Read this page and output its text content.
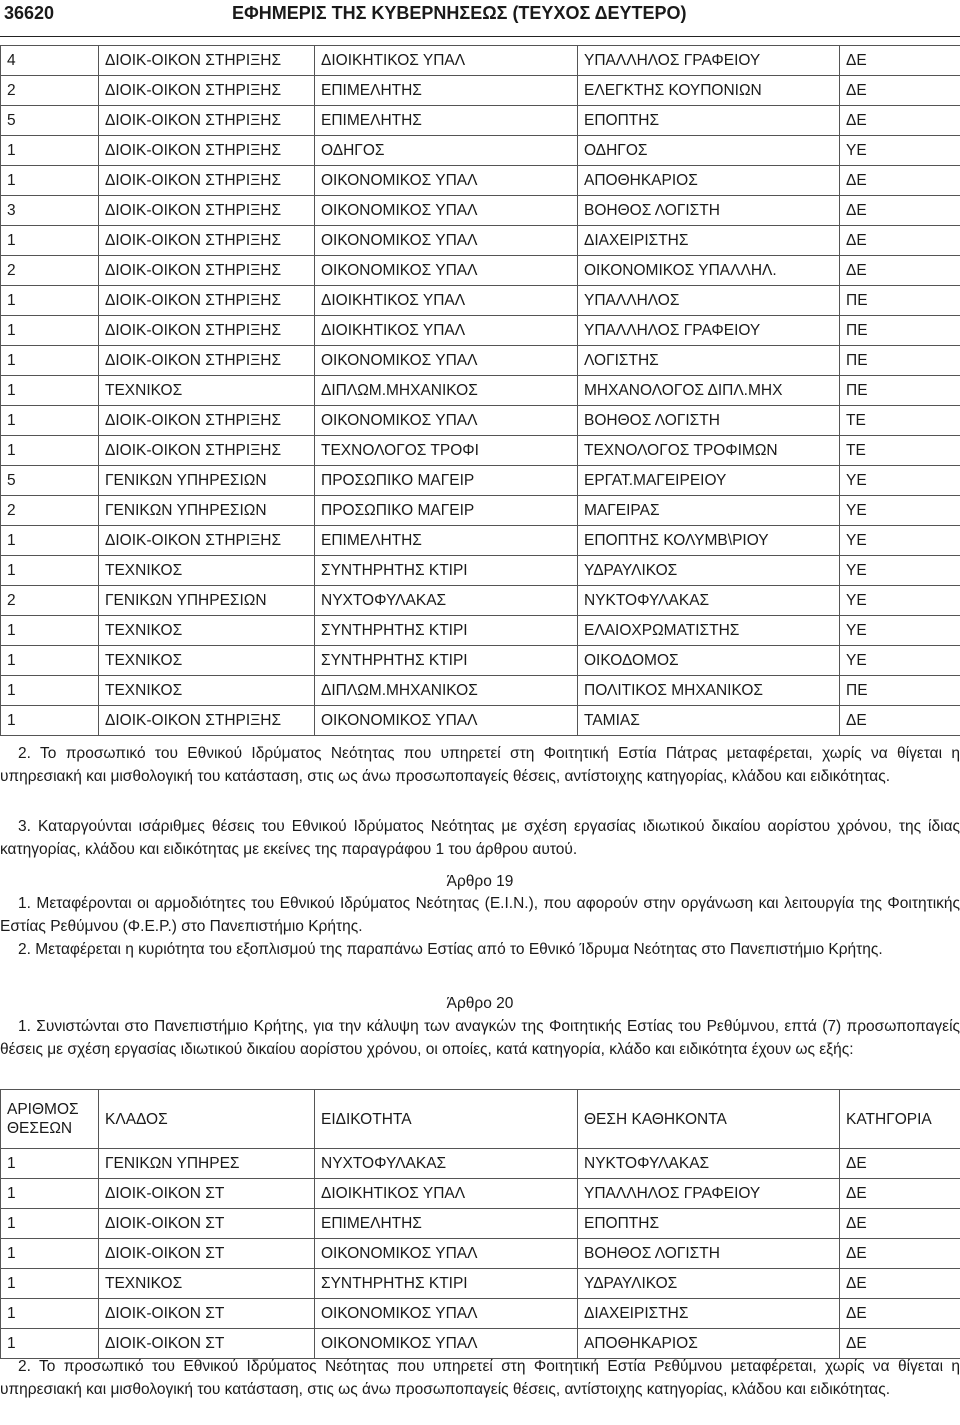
36620	ΕΦΗΜΕΡΙΣ ΤΗΣ ΚΥΒΕΡΝΗΣΕΩΣ (ΤΕΥΧΟΣ ΔΕΥΤΕΡΟ)
4	ΔΙΟΙΚ-ΟΙΚΟΝ ΣΤΗΡΙΞΗΣ	ΔΙΟΙΚΗΤΙΚΟΣ ΥΠΑΛ	ΥΠΑΛΛΗΛΟΣ ΓΡΑΦΕΙΟΥ	ΔΕ
2	ΔΙΟΙΚ-ΟΙΚΟΝ ΣΤΗΡΙΞΗΣ	ΕΠΙΜΕΛΗΤΗΣ	ΕΛΕΓΚΤΗΣ ΚΟΥΠΟΝΙΩΝ	ΔΕ
5	ΔΙΟΙΚ-ΟΙΚΟΝ ΣΤΗΡΙΞΗΣ	ΕΠΙΜΕΛΗΤΗΣ	ΕΠΟΠΤΗΣ	ΔΕ
1	ΔΙΟΙΚ-ΟΙΚΟΝ ΣΤΗΡΙΞΗΣ	ΟΔΗΓΟΣ	ΟΔΗΓΟΣ	ΥΕ
1	ΔΙΟΙΚ-ΟΙΚΟΝ ΣΤΗΡΙΞΗΣ	ΟΙΚΟΝΟΜΙΚΟΣ ΥΠΑΛ	ΑΠΟΘΗΚΑΡΙΟΣ	ΔΕ
3	ΔΙΟΙΚ-ΟΙΚΟΝ ΣΤΗΡΙΞΗΣ	ΟΙΚΟΝΟΜΙΚΟΣ ΥΠΑΛ	ΒΟΗΘΟΣ ΛΟΓΙΣΤΗ	ΔΕ
1	ΔΙΟΙΚ-ΟΙΚΟΝ ΣΤΗΡΙΞΗΣ	ΟΙΚΟΝΟΜΙΚΟΣ ΥΠΑΛ	ΔΙΑΧΕΙΡΙΣΤΗΣ	ΔΕ
2	ΔΙΟΙΚ-ΟΙΚΟΝ ΣΤΗΡΙΞΗΣ	ΟΙΚΟΝΟΜΙΚΟΣ ΥΠΑΛ	ΟΙΚΟΝΟΜΙΚΟΣ ΥΠΑΛΛΗΛ.	ΔΕ
1	ΔΙΟΙΚ-ΟΙΚΟΝ ΣΤΗΡΙΞΗΣ	ΔΙΟΙΚΗΤΙΚΟΣ ΥΠΑΛ	ΥΠΑΛΛΗΛΟΣ	ΠΕ
1	ΔΙΟΙΚ-ΟΙΚΟΝ ΣΤΗΡΙΞΗΣ	ΔΙΟΙΚΗΤΙΚΟΣ ΥΠΑΛ	ΥΠΑΛΛΗΛΟΣ ΓΡΑΦΕΙΟΥ	ΠΕ
1	ΔΙΟΙΚ-ΟΙΚΟΝ ΣΤΗΡΙΞΗΣ	ΟΙΚΟΝΟΜΙΚΟΣ ΥΠΑΛ	ΛΟΓΙΣΤΗΣ	ΠΕ
1	ΤΕΧΝΙΚΟΣ	ΔΙΠΛΩΜ.ΜΗΧΑΝΙΚΟΣ	ΜΗΧΑΝΟΛΟΓΟΣ ΔΙΠΛ.ΜΗΧ	ΠΕ
1	ΔΙΟΙΚ-ΟΙΚΟΝ ΣΤΗΡΙΞΗΣ	ΟΙΚΟΝΟΜΙΚΟΣ ΥΠΑΛ	ΒΟΗΘΟΣ ΛΟΓΙΣΤΗ	ΤΕ
1	ΔΙΟΙΚ-ΟΙΚΟΝ ΣΤΗΡΙΞΗΣ	ΤΕΧΝΟΛΟΓΟΣ ΤΡΟΦΙ	ΤΕΧΝΟΛΟΓΟΣ ΤΡΟΦΙΜΩΝ	ΤΕ
5	ΓΕΝΙΚΩΝ ΥΠΗΡΕΣΙΩΝ	ΠΡΟΣΩΠΙΚΟ ΜΑΓΕΙΡ	ΕΡΓΑΤ.ΜΑΓΕΙΡΕΙΟΥ	ΥΕ
2	ΓΕΝΙΚΩΝ ΥΠΗΡΕΣΙΩΝ	ΠΡΟΣΩΠΙΚΟ ΜΑΓΕΙΡ	ΜΑΓΕΙΡΑΣ	ΥΕ
1	ΔΙΟΙΚ-ΟΙΚΟΝ ΣΤΗΡΙΞΗΣ	ΕΠΙΜΕΛΗΤΗΣ	ΕΠΟΠΤΗΣ ΚΟΛΥΜΒ\ΡΙΟΥ	ΥΕ
1	ΤΕΧΝΙΚΟΣ	ΣΥΝΤΗΡΗΤΗΣ ΚΤΙΡΙ	ΥΔΡΑΥΛΙΚΟΣ	ΥΕ
2	ΓΕΝΙΚΩΝ ΥΠΗΡΕΣΙΩΝ	ΝΥΧΤΟΦΥΛΑΚΑΣ	ΝΥΚΤΟΦΥΛΑΚΑΣ	ΥΕ
1	ΤΕΧΝΙΚΟΣ	ΣΥΝΤΗΡΗΤΗΣ ΚΤΙΡΙ	ΕΛΑΙΟΧΡΩΜΑΤΙΣΤΗΣ	ΥΕ
1	ΤΕΧΝΙΚΟΣ	ΣΥΝΤΗΡΗΤΗΣ ΚΤΙΡΙ	ΟΙΚΟΔΟΜΟΣ	ΥΕ
1	ΤΕΧΝΙΚΟΣ	ΔΙΠΛΩΜ.ΜΗΧΑΝΙΚΟΣ	ΠΟΛΙΤΙΚΟΣ ΜΗΧΑΝΙΚΟΣ	ΠΕ
1	ΔΙΟΙΚ-ΟΙΚΟΝ ΣΤΗΡΙΞΗΣ	ΟΙΚΟΝΟΜΙΚΟΣ ΥΠΑΛ	ΤΑΜΙΑΣ	ΔΕ

2. Το προσωπικό του Εθνικού Ιδρύματος Νεότητας που υπηρετεί στη Φοιτητική Εστία Πάτρας μεταφέρεται, χωρίς να θίγεται η υπηρεσιακή και μισθολογική του κατάσταση, στις ως άνω προσωποπαγείς θέσεις, αντίστοιχης κατηγορίας, κλάδου και ειδικότητας.

3. Καταργούνται ισάριθμες θέσεις του Εθνικού Ιδρύματος Νεότητας με σχέση εργασίας ιδιωτικού δικαίου αορίστου χρόνου, της ίδιας κατηγορίας, κλάδου και ειδικότητας με εκείνες της παραγράφου 1 του άρθρου αυτού.

Άρθρο 19

1. Μεταφέρονται οι αρμοδιότητες του Εθνικού Ιδρύματος Νεότητας (Ε.Ι.Ν.), που αφορούν στην οργάνωση και λειτουργία της Φοιτητικής Εστίας Ρεθύμνου (Φ.Ε.Ρ.) στο Πανεπιστήμιο Κρήτης.

2. Μεταφέρεται η κυριότητα του εξοπλισμού της παραπάνω Εστίας από το Εθνικό Ίδρυμα Νεότητας στο Πανεπιστήμιο Κρήτης.

Άρθρο 20

1. Συνιστώνται στο Πανεπιστήμιο Κρήτης, για την κάλυψη των αναγκών της Φοιτητικής Εστίας του Ρεθύμνου, επτά (7) προσωποπαγείς θέσεις με σχέση εργασίας ιδιωτικού δικαίου αορίστου χρόνου, οι οποίες, κατά κατηγορία, κλάδο και ειδικότητα έχουν ως εξής:

ΑΡΙΘΜΟΣ ΘΕΣΕΩΝ	ΚΛΑΔΟΣ	ΕΙΔΙΚΟΤΗΤΑ	ΘΕΣΗ ΚΑΘΗΚΟΝΤΑ	ΚΑΤΗΓΟΡΙΑ
1	ΓΕΝΙΚΩΝ ΥΠΗΡΕΣ	ΝΥΧΤΟΦΥΛΑΚΑΣ	ΝΥΚΤΟΦΥΛΑΚΑΣ	ΔΕ
1	ΔΙΟΙΚ-ΟΙΚΟΝ ΣΤ	ΔΙΟΙΚΗΤΙΚΟΣ ΥΠΑΛ	ΥΠΑΛΛΗΛΟΣ ΓΡΑΦΕΙΟΥ	ΔΕ
1	ΔΙΟΙΚ-ΟΙΚΟΝ ΣΤ	ΕΠΙΜΕΛΗΤΗΣ	ΕΠΟΠΤΗΣ	ΔΕ
1	ΔΙΟΙΚ-ΟΙΚΟΝ ΣΤ	ΟΙΚΟΝΟΜΙΚΟΣ ΥΠΑΛ	ΒΟΗΘΟΣ ΛΟΓΙΣΤΗ	ΔΕ
1	ΤΕΧΝΙΚΟΣ	ΣΥΝΤΗΡΗΤΗΣ ΚΤΙΡΙ	ΥΔΡΑΥΛΙΚΟΣ	ΔΕ
1	ΔΙΟΙΚ-ΟΙΚΟΝ ΣΤ	ΟΙΚΟΝΟΜΙΚΟΣ ΥΠΑΛ	ΔΙΑΧΕΙΡΙΣΤΗΣ	ΔΕ
1	ΔΙΟΙΚ-ΟΙΚΟΝ ΣΤ	ΟΙΚΟΝΟΜΙΚΟΣ ΥΠΑΛ	ΑΠΟΘΗΚΑΡΙΟΣ	ΔΕ

2. Το προσωπικό του Εθνικού Ιδρύματος Νεότητας που υπηρετεί στη Φοιτητική Εστία Ρεθύμνου μεταφέρεται, χωρίς να θίγεται η υπηρεσιακή και μισθολογική του κατάσταση, στις ως άνω προσωποπαγείς θέσεις, αντίστοιχης κατηγορίας, κλάδου και ειδικότητας.
